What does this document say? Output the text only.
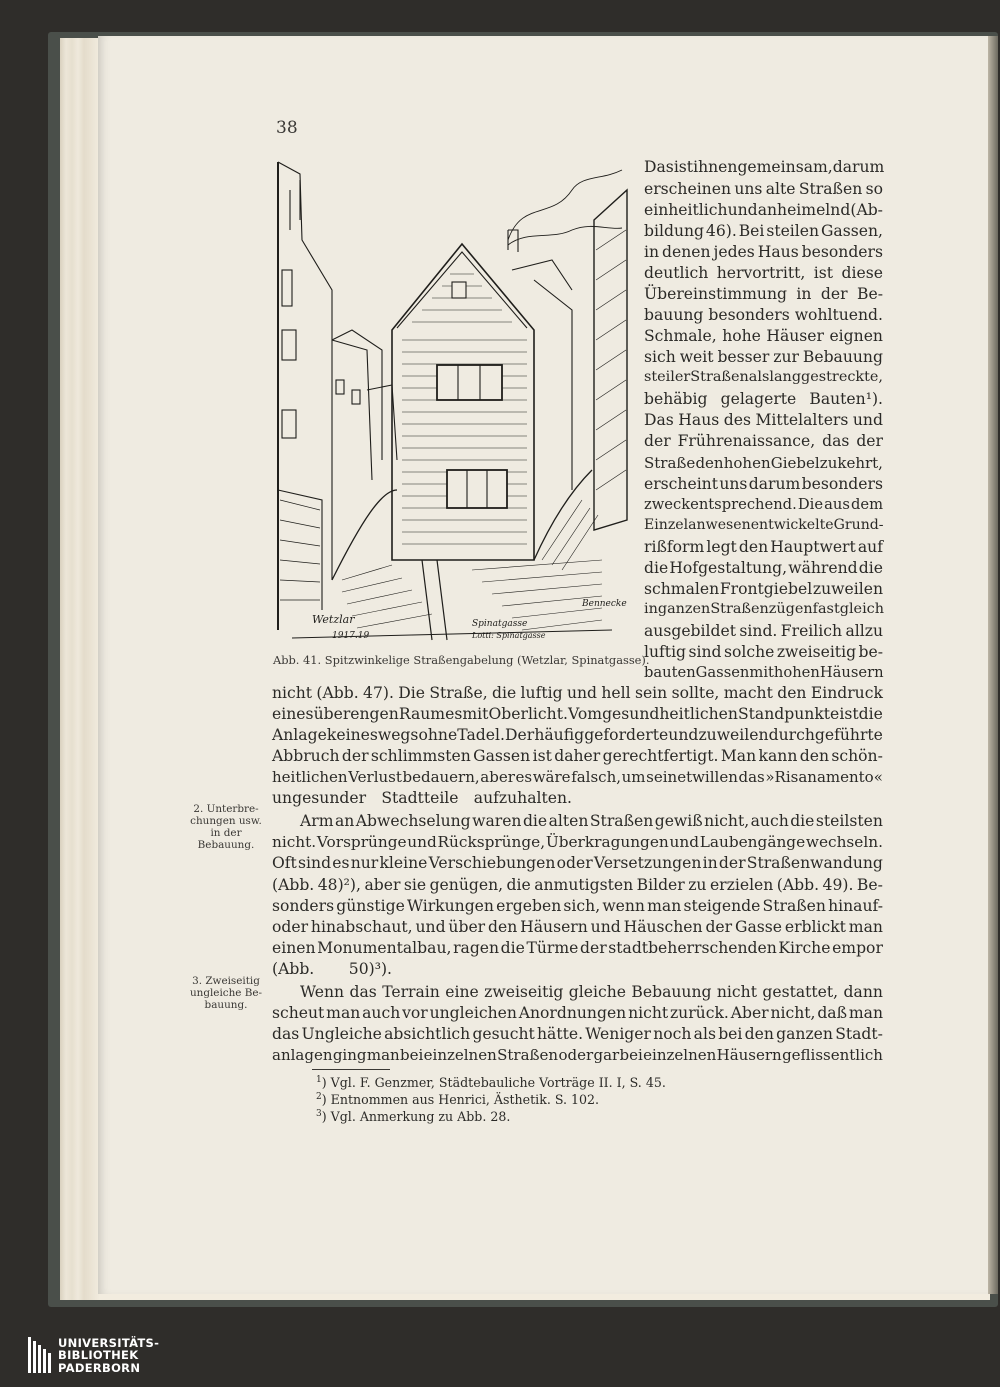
38
Wetzlar
1917.19
Spinatgasse
Lotti: Spinatgasse
Bennecke
Abb. 41. Spitzwinkelige Straßengabelung (Wetzlar, Spinatgasse).
Das ist ihnen gemeinsam, darum
erscheinen uns alte Straßen so
einheitlich und anheimelnd (Ab-
bildung 46). Bei steilen Gassen,
in denen jedes Haus besonders
deutlich hervortritt, ist diese
Übereinstimmung in der Be-
bauung besonders wohltuend.
Schmale, hohe Häuser eignen
sich weit besser zur Bebauung
steiler Straßen als langgestreckte,
behäbig gelagerte Bauten¹).
Das Haus des Mittelalters und
der Frührenaissance, das der
Straße den hohen Giebel zukehrt,
erscheint uns darum besonders
zweckentsprechend. Die aus dem
Einzelanwesen entwickelte Grund-
rißform legt den Hauptwert auf
die Hofgestaltung, während die
schmalen Frontgiebel zuweilen
in ganzen Straßenzügen fast gleich
ausgebildet sind. Freilich allzu
luftig sind solche zweiseitig be-
bauten Gassen mit hohen Häusern
nicht (Abb. 47). Die Straße, die luftig und hell sein sollte, macht den Eindruck
eines überengen Raumes mit Oberlicht. Vom gesundheitlichen Standpunkte ist die
Anlage keineswegs ohne Tadel. Der häufig geforderte und zuweilen durchgeführte
Abbruch der schlimmsten Gassen ist daher gerechtfertigt. Man kann den schön-
heitlichen Verlust bedauern, aber es wäre falsch, um seinetwillen das »Risanamento«
ungesunder Stadtteile aufzuhalten.
Arm an Abwechselung waren die alten Straßen gewiß nicht, auch die steilsten
nicht. Vorsprünge und Rücksprünge, Überkragungen und Laubengänge wechseln.
Oft sind es nur kleine Verschiebungen oder Versetzungen in der Straßenwandung
(Abb. 48)²), aber sie genügen, die anmutigsten Bilder zu erzielen (Abb. 49). Be-
sonders günstige Wirkungen ergeben sich, wenn man steigende Straßen hinauf-
oder hinabschaut, und über den Häusern und Häuschen der Gasse erblickt man
einen Monumentalbau, ragen die Türme der stadtbeherrschenden Kirche empor
(Abb. 50)³).
Wenn das Terrain eine zweiseitig gleiche Bebauung nicht gestattet, dann
scheut man auch vor ungleichen Anordnungen nicht zurück. Aber nicht, daß man
das Ungleiche absichtlich gesucht hätte. Weniger noch als bei den ganzen Stadt-
anlagen ging man bei einzelnen Straßen oder gar bei einzelnen Häusern geflissentlich
2. Unterbre-
chungen usw.
in der
Bebauung.
3. Zweiseitig
ungleiche Be-
bauung.
$^1$) Vgl. F. Genzmer, Städtebauliche Vorträge II. I, S. 45.
$^2$) Entnommen aus Henrici, Ästhetik. S. 102.
$^3$) Vgl. Anmerkung zu Abb. 28.
UNIVERSITÄTS-
BIBLIOTHEK
PADERBORN
